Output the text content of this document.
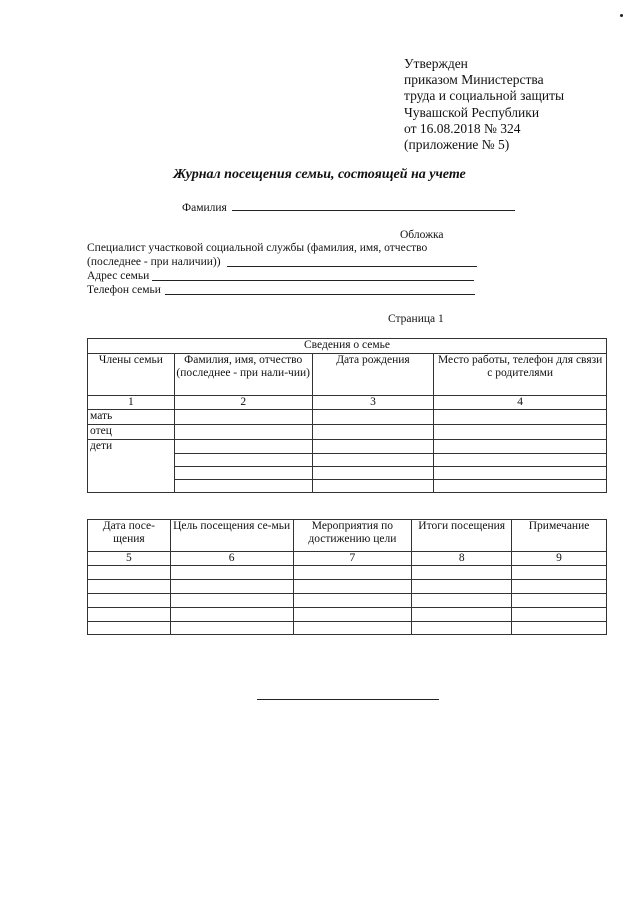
Утвержден
приказом Министерства
труда и социальной защиты
Чувашской Республики
от 16.08.2018 № 324
(приложение № 5)
Журнал посещения семьи, состоящей на учете
Фамилия
Обложка
Специалист участковой социальной службы (фамилия, имя, отчество
(последнее - при наличии))
Адрес семьи
Телефон семьи
Страница 1
Сведения о семье			
Члены семьи	Фамилия, имя, отчество (последнее - при нали-чии)	Дата рождения	Место работы, телефон для связи с родителями
1	2	3	4
мать			
отец			
дети			

Дата посе-щения	Цель посещения се-мьи	Мероприятия по достижению цели	Итоги посещения	Примечание
5	6	7	8	9
